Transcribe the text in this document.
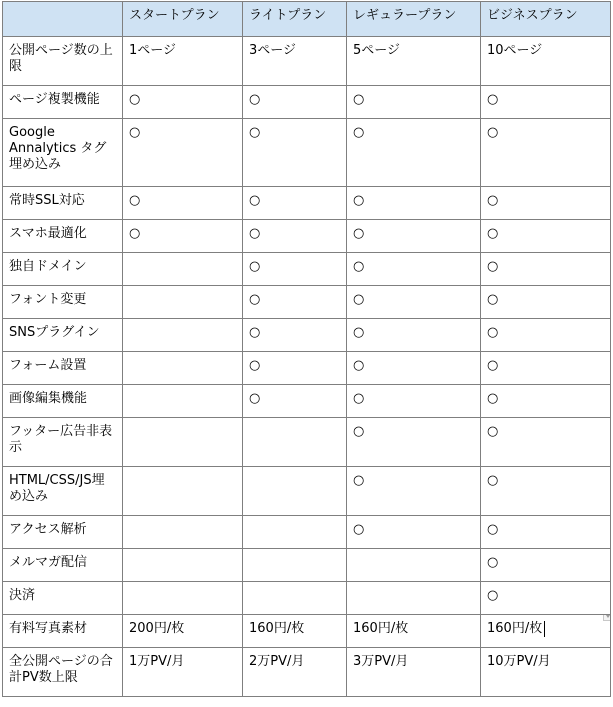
	スタートプラン	ライトプラン	レギュラープラン	ビジネスプラン
公開ページ数の上限	1ページ	3ページ	5ページ	10ページ
ページ複製機能	○	○	○	○
Google Annalytics タグ埋め込み	○	○	○	○
常時SSL対応	○	○	○	○
スマホ最適化	○	○	○	○
独自ドメイン		○	○	○
フォント変更		○	○	○
SNSプラグイン		○	○	○
フォーム設置		○	○	○
画像編集機能		○	○	○
フッター広告非表示			○	○
HTML/CSS/JS埋め込み			○	○
アクセス解析			○	○
メルマガ配信				○
決済				○
有料写真素材	200円/枚	160円/枚	160円/枚	160円/枚

全公開ページの合計PV数上限	1万PV/月	2万PV/月	3万PV/月	10万PV/月
